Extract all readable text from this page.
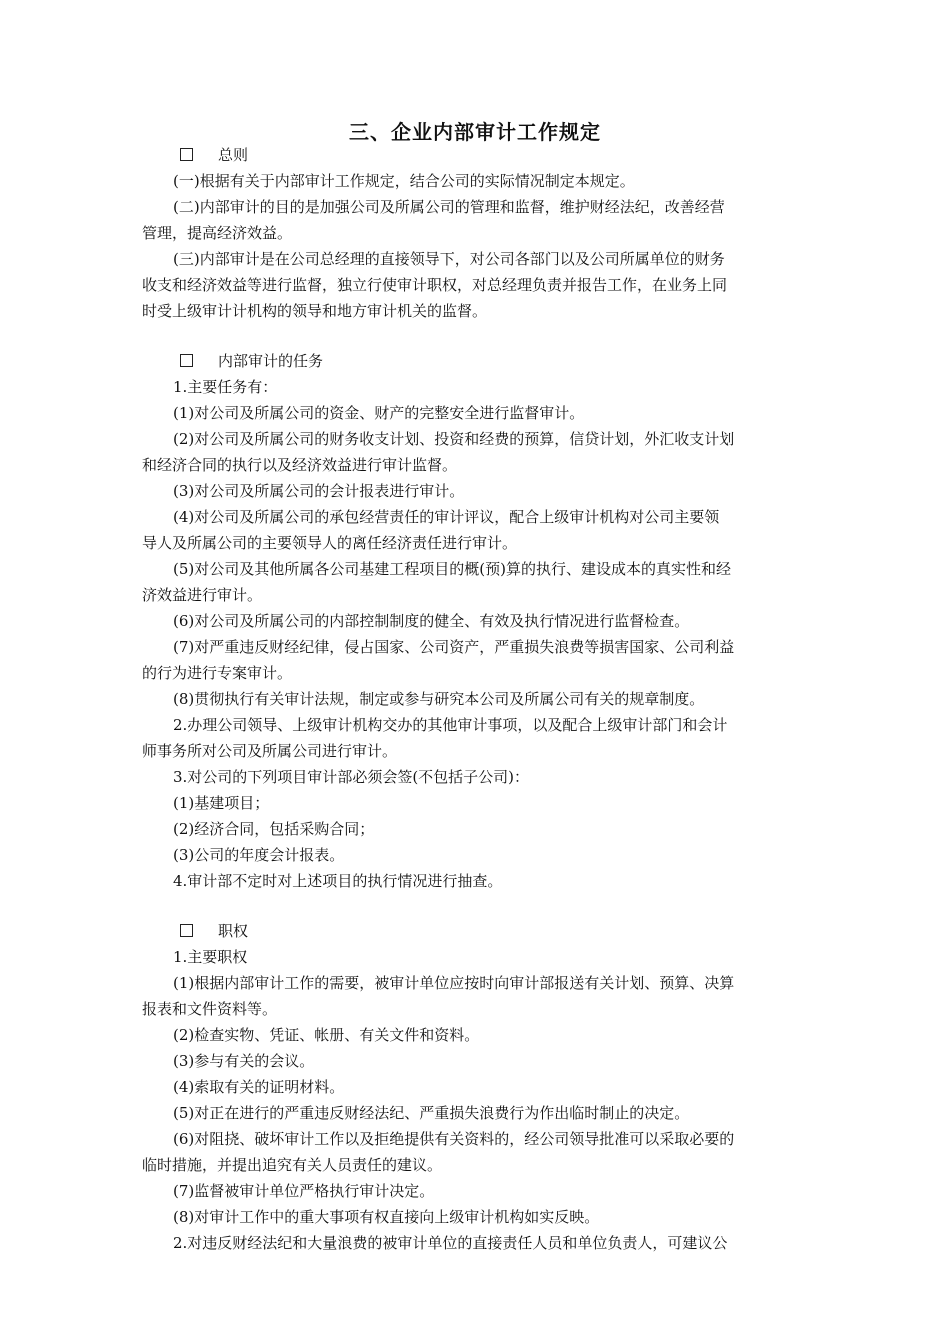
三、企业内部审计工作规定
总则
(一)根据有关于内部审计工作规定，结合公司的实际情况制定本规定。
(二)内部审计的目的是加强公司及所属公司的管理和监督，维护财经法纪，改善经营
管理，提高经济效益。
(三)内部审计是在公司总经理的直接领导下，对公司各部门以及公司所属单位的财务
收支和经济效益等进行监督，独立行使审计职权，对总经理负责并报告工作，在业务上同
时受上级审计计机构的领导和地方审计机关的监督。
内部审计的任务
1.主要任务有：
(1)对公司及所属公司的资金、财产的完整安全进行监督审计。
(2)对公司及所属公司的财务收支计划、投资和经费的预算，信贷计划，外汇收支计划
和经济合同的执行以及经济效益进行审计监督。
(3)对公司及所属公司的会计报表进行审计。
(4)对公司及所属公司的承包经营责任的审计评议，配合上级审计机构对公司主要领
导人及所属公司的主要领导人的离任经济责任进行审计。
(5)对公司及其他所属各公司基建工程项目的概(预)算的执行、建设成本的真实性和经
济效益进行审计。
(6)对公司及所属公司的内部控制制度的健全、有效及执行情况进行监督检查。
(7)对严重违反财经纪律，侵占国家、公司资产，严重损失浪费等损害国家、公司利益
的行为进行专案审计。
(8)贯彻执行有关审计法规，制定或参与研究本公司及所属公司有关的规章制度。
2.办理公司领导、上级审计机构交办的其他审计事项，以及配合上级审计部门和会计
师事务所对公司及所属公司进行审计。
3.对公司的下列项目审计部必须会签(不包括子公司)：
(1)基建项目；
(2)经济合同，包括采购合同；
(3)公司的年度会计报表。
4.审计部不定时对上述项目的执行情况进行抽查。
职权
1.主要职权
(1)根据内部审计工作的需要，被审计单位应按时向审计部报送有关计划、预算、决算
报表和文件资料等。
(2)检查实物、凭证、帐册、有关文件和资料。
(3)参与有关的会议。
(4)索取有关的证明材料。
(5)对正在进行的严重违反财经法纪、严重损失浪费行为作出临时制止的决定。
(6)对阻挠、破坏审计工作以及拒绝提供有关资料的，经公司领导批准可以采取必要的
临时措施，并提出追究有关人员责任的建议。
(7)监督被审计单位严格执行审计决定。
(8)对审计工作中的重大事项有权直接向上级审计机构如实反映。
2.对违反财经法纪和大量浪费的被审计单位的直接责任人员和单位负责人，可建议公
